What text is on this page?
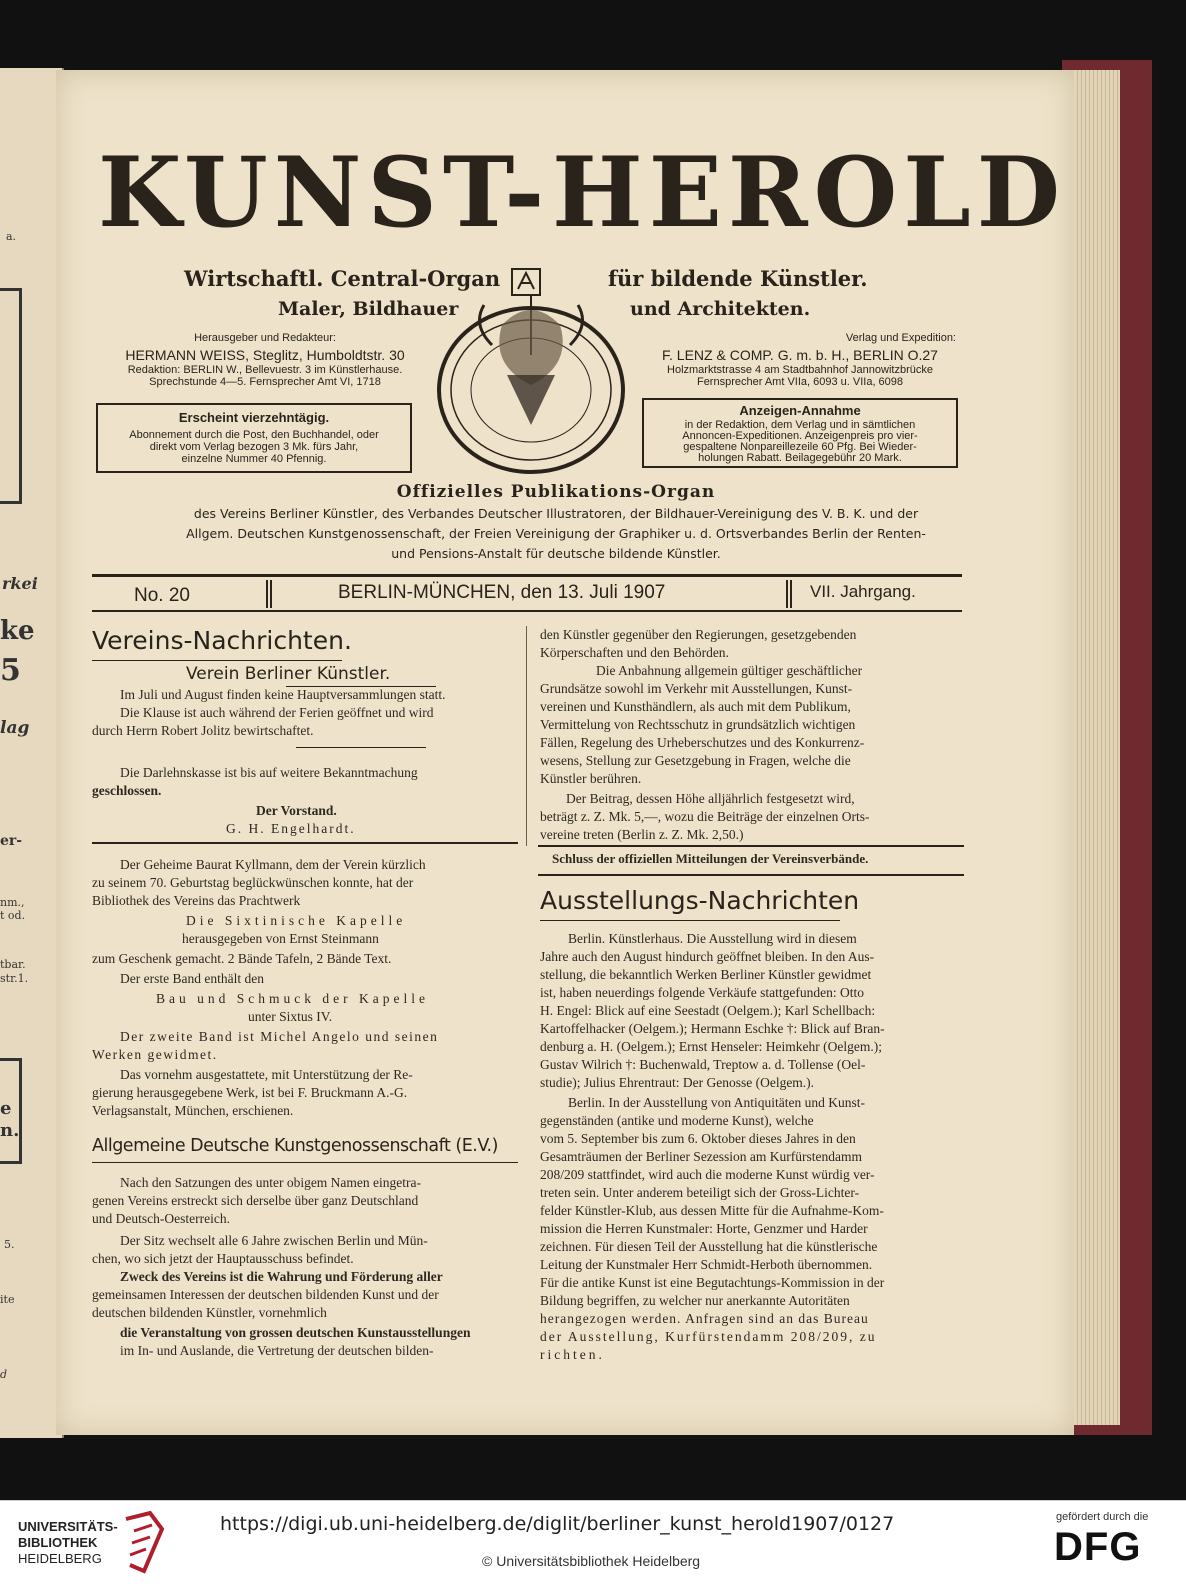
a.
rkei
ke
5
lag
er-
nm.,
t od.
tbar.
str.1.
e
n.
5.
ite
d
KUNST- HEROLD
Wirtschaftl. Central-Organ
Maler, Bildhauer
für bildende Künstler.
und Architekten.
Herausgeber und Redakteur:
HERMANN WEISS, Steglitz, Humboldtstr. 30
Redaktion: BERLIN W., Bellevuestr. 3 im Künstlerhause.
Sprechstunde 4—5. Fernsprecher Amt VI, 1718
Verlag und Expedition:
F. LENZ & COMP. G. m. b. H., BERLIN O.27
Holzmarktstrasse 4 am Stadtbahnhof Jannowitzbrücke
Fernsprecher Amt VIIa, 6093 u. VIIa, 6098
Erscheint vierzehntägig.
Abonnement durch die Post, den Buchhandel, oder
direkt vom Verlag bezogen 3 Mk. fürs Jahr,
einzelne Nummer 40 Pfennig.
Anzeigen-Annahme
in der Redaktion, dem Verlag und in sämtlichen
Annoncen-Expeditionen. Anzeigenpreis pro vier-
gespaltene Nonpareillezeile 60 Pfg. Bei Wieder-
holungen Rabatt. Beilagegebühr 20 Mark.
Offizielles Publikations-Organ
des Vereins Berliner Künstler, des Verbandes Deutscher Illustratoren, der Bildhauer-Vereinigung des V. B. K. und der
Allgem. Deutschen Kunstgenossenschaft, der Freien Vereinigung der Graphiker u. d. Ortsverbandes Berlin der Renten-
und Pensions-Anstalt für deutsche bildende Künstler.
No. 20	BERLIN-MÜNCHEN, den 13. Juli 1907	VII. Jahrgang.
Vereins-Nachrichten.
Verein Berliner Künstler.
Im Juli und August finden keine Hauptversammlungen statt.
Die Klause ist auch während der Ferien geöffnet und wird
durch Herrn Robert Jolitz bewirtschaftet.
Die Darlehnskasse ist bis auf weitere Bekanntmachung
geschlossen.
Der Vorstand.
G. H. Engelhardt.
Der Geheime Baurat Kyllmann, dem der Verein kürzlich
zu seinem 70. Geburtstag beglückwünschen konnte, hat der
Bibliothek des Vereins das Prachtwerk
Die Sixtinische Kapelle
herausgegeben von Ernst Steinmann
zum Geschenk gemacht. 2 Bände Tafeln, 2 Bände Text.
Der erste Band enthält den
Bau und Schmuck der Kapelle
unter Sixtus IV.
Der zweite Band ist Michel Angelo und seinen
Werken gewidmet.
Das vornehm ausgestattete, mit Unterstützung der Re-
gierung herausgegebene Werk, ist bei F. Bruckmann A.-G.
Verlagsanstalt, München, erschienen.
Allgemeine Deutsche Kunstgenossenschaft (E.V.)
Nach den Satzungen des unter obigem Namen eingetra-
genen Vereins erstreckt sich derselbe über ganz Deutschland
und Deutsch-Oesterreich.
Der Sitz wechselt alle 6 Jahre zwischen Berlin und Mün-
chen, wo sich jetzt der Hauptausschuss befindet.
Zweck des Vereins ist die Wahrung und Förderung aller
gemeinsamen Interessen der deutschen bildenden Kunst und der
deutschen bildenden Künstler, vornehmlich
die Veranstaltung von grossen deutschen Kunstausstellungen
im In- und Auslande, die Vertretung der deutschen bilden-
den Künstler gegenüber den Regierungen, gesetzgebenden
Körperschaften und den Behörden.
Die Anbahnung allgemein gültiger geschäftlicher
Grundsätze sowohl im Verkehr mit Ausstellungen, Kunst-
vereinen und Kunsthändlern, als auch mit dem Publikum,
Vermittelung von Rechtsschutz in grundsätzlich wichtigen
Fällen, Regelung des Urheberschutzes und des Konkurrenz-
wesens, Stellung zur Gesetzgebung in Fragen, welche die
Künstler berühren.
Der Beitrag, dessen Höhe alljährlich festgesetzt wird,
beträgt z. Z. Mk. 5,—, wozu die Beiträge der einzelnen Orts-
vereine treten (Berlin z. Z. Mk. 2,50.)
Schluss der offiziellen Mitteilungen der Vereinsverbände.
Ausstellungs-Nachrichten
Berlin. Künstlerhaus. Die Ausstellung wird in diesem
Jahre auch den August hindurch geöffnet bleiben. In den Aus-
stellung, die bekanntlich Werken Berliner Künstler gewidmet
ist, haben neuerdings folgende Verkäufe stattgefunden: Otto
H. Engel: Blick auf eine Seestadt (Oelgem.); Karl Schellbach:
Kartoffelhacker (Oelgem.); Hermann Eschke †: Blick auf Bran-
denburg a. H. (Oelgem.); Ernst Henseler: Heimkehr (Oelgem.);
Gustav Wilrich †: Buchenwald, Treptow a. d. Tollense (Oel-
studie); Julius Ehrentraut: Der Genosse (Oelgem.).
Berlin. In der Ausstellung von Antiquitäten und Kunst-
gegenständen (antike und moderne Kunst), welche
vom 5. September bis zum 6. Oktober dieses Jahres in den
Gesamträumen der Berliner Sezession am Kurfürstendamm
208/209 stattfindet, wird auch die moderne Kunst würdig ver-
treten sein. Unter anderem beteiligt sich der Gross-Lichter-
felder Künstler-Klub, aus dessen Mitte für die Aufnahme-Kom-
mission die Herren Kunstmaler: Horte, Genzmer und Harder
zeichnen. Für diesen Teil der Ausstellung hat die künstlerische
Leitung der Kunstmaler Herr Schmidt-Herboth übernommen.
Für die antike Kunst ist eine Begutachtungs-Kommission in der
Bildung begriffen, zu welcher nur anerkannte Autoritäten
herangezogen werden. Anfragen sind an das Bureau
der Ausstellung, Kurfürstendamm 208/209, zu
richten.
UNIVERSITÄTS-
BIBLIOTHEK
HEIDELBERG
https://digi.ub.uni-heidelberg.de/diglit/berliner_kunst_herold1907/0127
© Universitätsbibliothek Heidelberg
gefördert durch die
DFG
